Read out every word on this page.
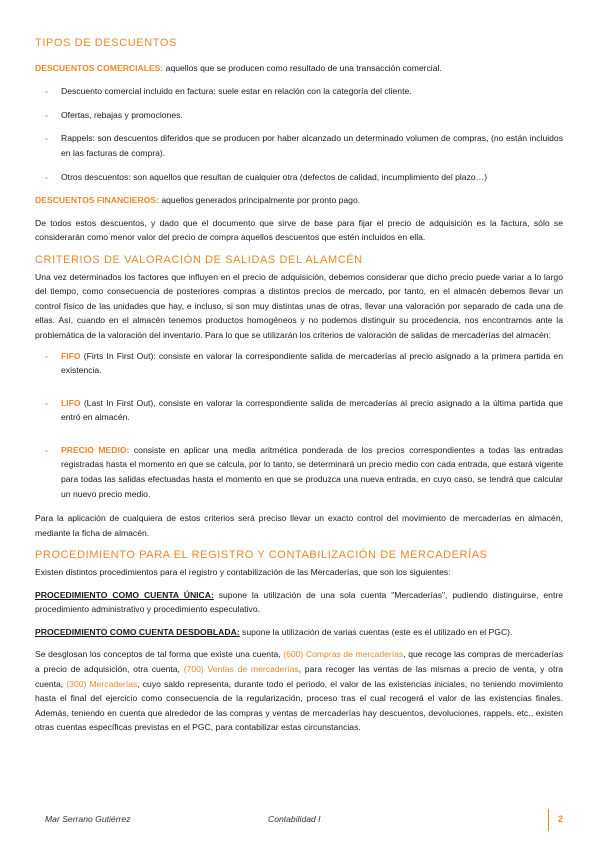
TIPOS DE DESCUENTOS

DESCUENTOS COMERCIALES: aquellos que se producen como resultado de una transacción comercial.

- Descuento comercial incluido en factura: suele estar en relación con la categoría del cliente.
- Ofertas, rebajas y promociones.
- Rappels: son descuentos diferidos que se producen por haber alcanzado un determinado volumen de compras, (no están incluidos en las facturas de compra).
- Otros descuentos: son aquellos que resultan de cualquier otra (defectos de calidad, incumplimiento del plazo…)

DESCUENTOS FINANCIEROS: aquellos generados principalmente por pronto pago.

De todos estos descuentos, y dado que el documento que sirve de base para fijar el precio de adquisición es la factura, sólo se considerarán como menor valor del precio de compra aquellos descuentos que estén incluidos en ella.

CRITERIOS DE VALORACIÓN DE SALIDAS DEL ALAMCÉN

Una vez determinados los factores que influyen en el precio de adquisición, debemos considerar que dicho precio puede variar a lo largo del tiempo, como consecuencia de posteriores compras a distintos precios de mercado, por tanto, en el almacén debemos llevar un control físico de las unidades que hay, e incluso, si son muy distintas unas de otras, llevar una valoración por separado de cada una de ellas. Así, cuando en el almacén tenemos productos homogéneos y no podemos distinguir su procedencia, nos encontramos ante la problemática de la valoración del inventario. Para lo que se utilizarán los criterios de valoración de salidas de mercaderías del almacén:

- FIFO (Firts In First Out): consiste en valorar la correspondiente salida de mercaderías al precio asignado a la primera partida en existencia.
- LIFO (Last In First Out), consiste en valorar la correspondiente salida de mercaderías al precio asignado a la última partida que entró en almacén.
- PRECIO MEDIO: consiste en aplicar una media aritmética ponderada de los precios correspondientes a todas las entradas registradas hasta el momento en que se calcula, por lo tanto, se determinará un precio medio con cada entrada, que estará vigente para todas las salidas efectuadas hasta el momento en que se produzca una nueva entrada, en cuyo caso, se tendrá que calcular un nuevo precio medio.

Para la aplicación de cualquiera de estos criterios será preciso llevar un exacto control del movimiento de mercaderías en almacén, mediante la ficha de almacén.

PROCEDIMIENTO PARA EL REGISTRO Y CONTABILIZACIÓN DE MERCADERÍAS

Existen distintos procedimientos para el registro y contabilización de las Mercaderías, que son los siguientes:

PROCEDIMIENTO COMO CUENTA ÚNICA: supone la utilización de una sola cuenta "Mercaderías", pudiendo distinguirse, entre procedimiento administrativo y procedimiento especulativo.

PROCEDIMIENTO COMO CUENTA DESDOBLADA: supone la utilización de varias cuentas (este es el utilizado en el PGC).

Se desglosan los conceptos de tal forma que existe una cuenta, (600) Compras de mercaderías, que recoge las compras de mercaderías a precio de adquisición, otra cuenta, (700) Ventas de mercaderías, para recoger las ventas de las mismas a precio de venta, y otra cuenta, (300) Mercaderías, cuyo saldo representa, durante todo el periodo, el valor de las existencias iniciales, no teniendo movimiento hasta el final del ejercicio como consecuencia de la regularización, proceso tras el cual recogerá el valor de las existencias finales. Además, teniendo en cuenta que alrededor de las compras y ventas de mercaderías hay descuentos, devoluciones, rappels, etc., existen otras cuentas específicas previstas en el PGC, para contabilizar estas circunstancias.

Mar Serrano Gutiérrez	Contabilidad I	2
